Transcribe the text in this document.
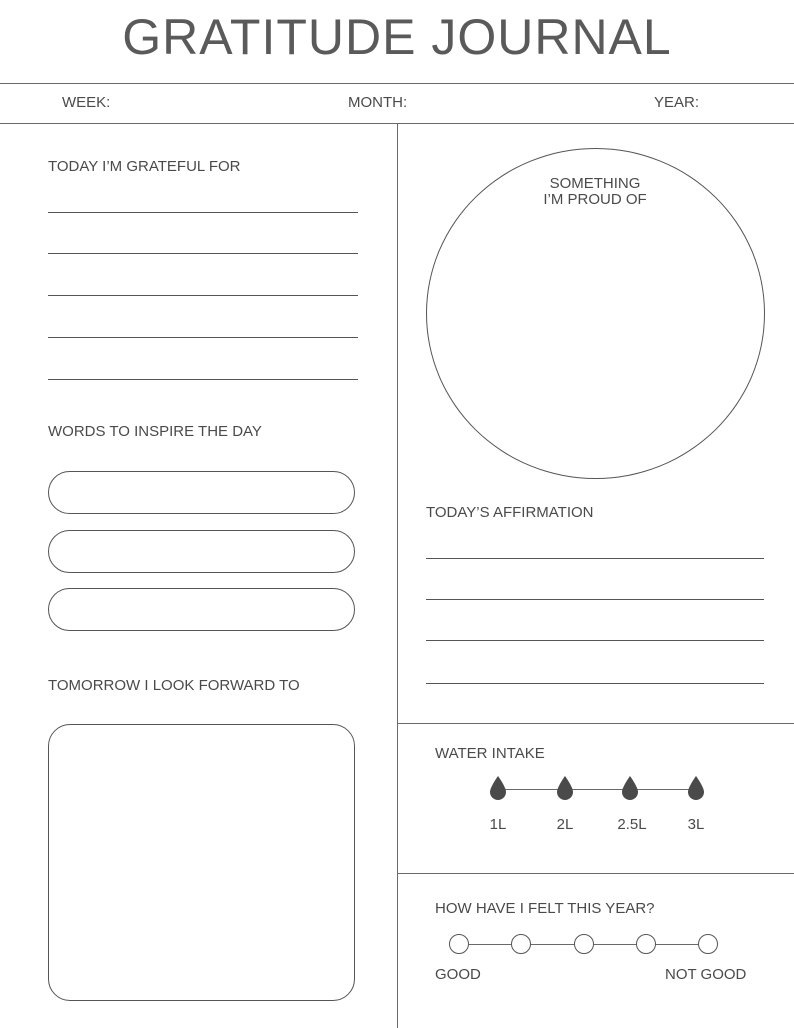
GRATITUDE JOURNAL
WEEK:	MONTH:	YEAR:
TODAY I’M GRATEFUL FOR
WORDS TO INSPIRE THE DAY
TOMORROW I LOOK FORWARD TO
SOMETHING
I’M PROUD OF
TODAY’S AFFIRMATION
WATER INTAKE
1L	2L	2.5L	3L
HOW HAVE I FELT THIS YEAR?
GOOD	NOT GOOD
